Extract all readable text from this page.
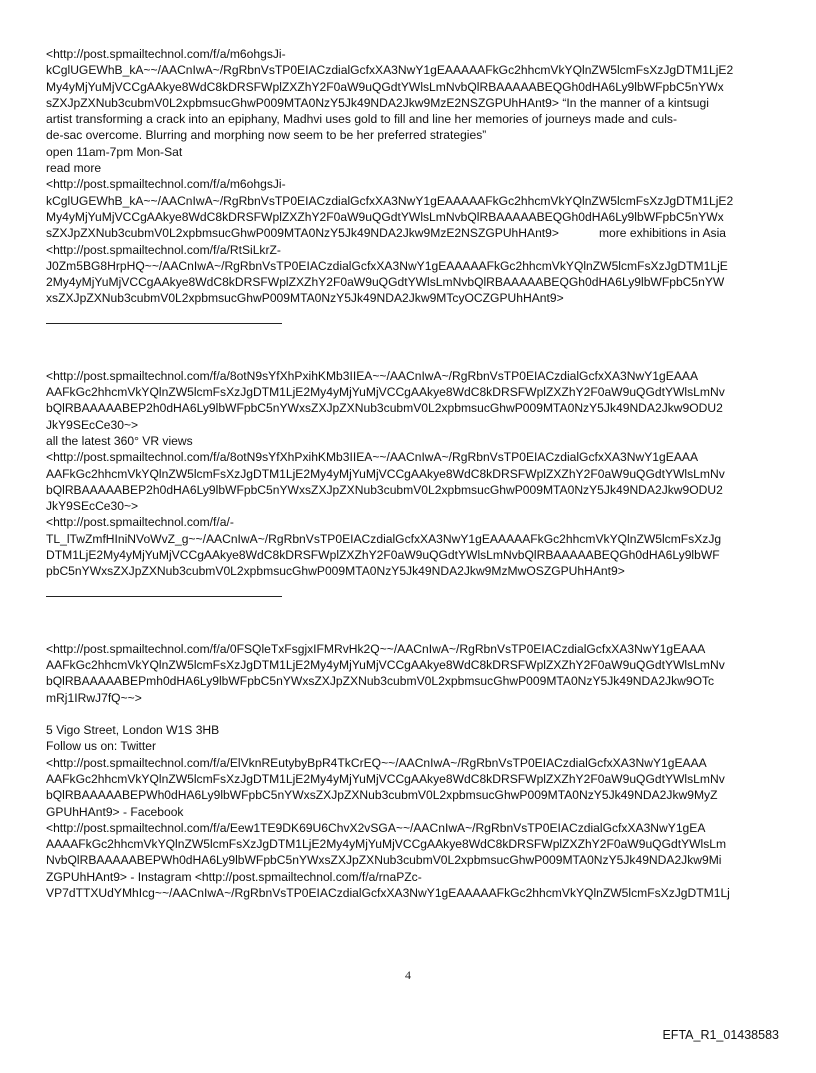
<http://post.spmailtechnol.com/f/a/m6ohgsJi-
kCglUGEWhB_kA~~/AACnIwA~/RgRbnVsTP0EIACzdialGcfxXA3NwY1gEAAAAAFkGc2hhcmVkYQlnZW5lcmFsXzJgDTM1LjE2
My4yMjYuMjVCCgAAkye8WdC8kDRSFWplZXZhY2F0aW9uQGdtYWlsLmNvbQlRBAAAAABEQGh0dHA6Ly9lbWFpbC5nYWx
sZXJpZXNub3cubmV0L2xpbmsucGhwP009MTA0NzY5Jk49NDA2Jkw9MzE2NSZGPUhHAnt9> “In the manner of a kintsugi
artist transforming a crack into an epiphany, Madhvi uses gold to fill and line her memories of journeys made and culs-
de-sac overcome. Blurring and morphing now seem to be her preferred strategies”
open 11am-7pm Mon-Sat
read more
<http://post.spmailtechnol.com/f/a/m6ohgsJi-
kCglUGEWhB_kA~~/AACnIwA~/RgRbnVsTP0EIACzdialGcfxXA3NwY1gEAAAAAFkGc2hhcmVkYQlnZW5lcmFsXzJgDTM1LjE2
My4yMjYuMjVCCgAAkye8WdC8kDRSFWplZXZhY2F0aW9uQGdtYWlsLmNvbQlRBAAAAABEQGh0dHA6Ly9lbWFpbC5nYWx
sZXJpZXNub3cubmV0L2xpbmsucGhwP009MTA0NzY5Jk49NDA2Jkw9MzE2NSZGPUhHAnt9>	more exhibitions in Asia
<http://post.spmailtechnol.com/f/a/RtSiLkrZ-
J0Zm5BG8HrpHQ~~/AACnIwA~/RgRbnVsTP0EIACzdialGcfxXA3NwY1gEAAAAAFkGc2hhcmVkYQlnZW5lcmFsXzJgDTM1LjE
2My4yMjYuMjVCCgAAkye8WdC8kDRSFWplZXZhY2F0aW9uQGdtYWlsLmNvbQlRBAAAAABEQGh0dHA6Ly9lbWFpbC5nYW
xsZXJpZXNub3cubmV0L2xpbmsucGhwP009MTA0NzY5Jk49NDA2Jkw9MTcyOCZGPUhHAnt9>
<http://post.spmailtechnol.com/f/a/8otN9sYfXhPxihKMb3IIEA~~/AACnIwA~/RgRbnVsTP0EIACzdialGcfxXA3NwY1gEAAA
AAFkGc2hhcmVkYQlnZW5lcmFsXzJgDTM1LjE2My4yMjYuMjVCCgAAkye8WdC8kDRSFWplZXZhY2F0aW9uQGdtYWlsLmNv
bQlRBAAAAABEP2h0dHA6Ly9lbWFpbC5nYWxsZXJpZXNub3cubmV0L2xpbmsucGhwP009MTA0NzY5Jk49NDA2Jkw9ODU2
JkY9SEcCe30~>
all the latest 360° VR views
<http://post.spmailtechnol.com/f/a/8otN9sYfXhPxihKMb3IIEA~~/AACnIwA~/RgRbnVsTP0EIACzdialGcfxXA3NwY1gEAAA
AAFkGc2hhcmVkYQlnZW5lcmFsXzJgDTM1LjE2My4yMjYuMjVCCgAAkye8WdC8kDRSFWplZXZhY2F0aW9uQGdtYWlsLmNv
bQlRBAAAAABEP2h0dHA6Ly9lbWFpbC5nYWxsZXJpZXNub3cubmV0L2xpbmsucGhwP009MTA0NzY5Jk49NDA2Jkw9ODU2
JkY9SEcCe30~>
<http://post.spmailtechnol.com/f/a/-
TL_lTwZmfHIniNVoWvZ_g~~/AACnIwA~/RgRbnVsTP0EIACzdialGcfxXA3NwY1gEAAAAAFkGc2hhcmVkYQlnZW5lcmFsXzJg
DTM1LjE2My4yMjYuMjVCCgAAkye8WdC8kDRSFWplZXZhY2F0aW9uQGdtYWlsLmNvbQlRBAAAAABEQGh0dHA6Ly9lbWF
pbC5nYWxsZXJpZXNub3cubmV0L2xpbmsucGhwP009MTA0NzY5Jk49NDA2Jkw9MzMwOSZGPUhHAnt9>
<http://post.spmailtechnol.com/f/a/0FSQleTxFsgjxIFMRvHk2Q~~/AACnIwA~/RgRbnVsTP0EIACzdialGcfxXA3NwY1gEAAA
AAFkGc2hhcmVkYQlnZW5lcmFsXzJgDTM1LjE2My4yMjYuMjVCCgAAkye8WdC8kDRSFWplZXZhY2F0aW9uQGdtYWlsLmNv
bQlRBAAAAABEPmh0dHA6Ly9lbWFpbC5nYWxsZXJpZXNub3cubmV0L2xpbmsucGhwP009MTA0NzY5Jk49NDA2Jkw9OTc
mRj1IRwJ7fQ~~>
5 Vigo Street, London W1S 3HB
Follow us on: Twitter
<http://post.spmailtechnol.com/f/a/ElVknREutybyBpR4TkCrEQ~~/AACnIwA~/RgRbnVsTP0EIACzdialGcfxXA3NwY1gEAAA
AAFkGc2hhcmVkYQlnZW5lcmFsXzJgDTM1LjE2My4yMjYuMjVCCgAAkye8WdC8kDRSFWplZXZhY2F0aW9uQGdtYWlsLmNv
bQlRBAAAAABEPWh0dHA6Ly9lbWFpbC5nYWxsZXJpZXNub3cubmV0L2xpbmsucGhwP009MTA0NzY5Jk49NDA2Jkw9MyZ
GPUhHAnt9> - Facebook
<http://post.spmailtechnol.com/f/a/Eew1TE9DK69U6ChvX2vSGA~~/AACnIwA~/RgRbnVsTP0EIACzdialGcfxXA3NwY1gEA
AAAAFkGc2hhcmVkYQlnZW5lcmFsXzJgDTM1LjE2My4yMjYuMjVCCgAAkye8WdC8kDRSFWplZXZhY2F0aW9uQGdtYWlsLm
NvbQlRBAAAAABEPWh0dHA6Ly9lbWFpbC5nYWxsZXJpZXNub3cubmV0L2xpbmsucGhwP009MTA0NzY5Jk49NDA2Jkw9Mi
ZGPUhHAnt9> - Instagram <http://post.spmailtechnol.com/f/a/rnaPZc-
VP7dTTXUdYMhIcg~~/AACnIwA~/RgRbnVsTP0EIACzdialGcfxXA3NwY1gEAAAAAFkGc2hhcmVkYQlnZW5lcmFsXzJgDTM1Lj
4
EFTA_R1_01438583
